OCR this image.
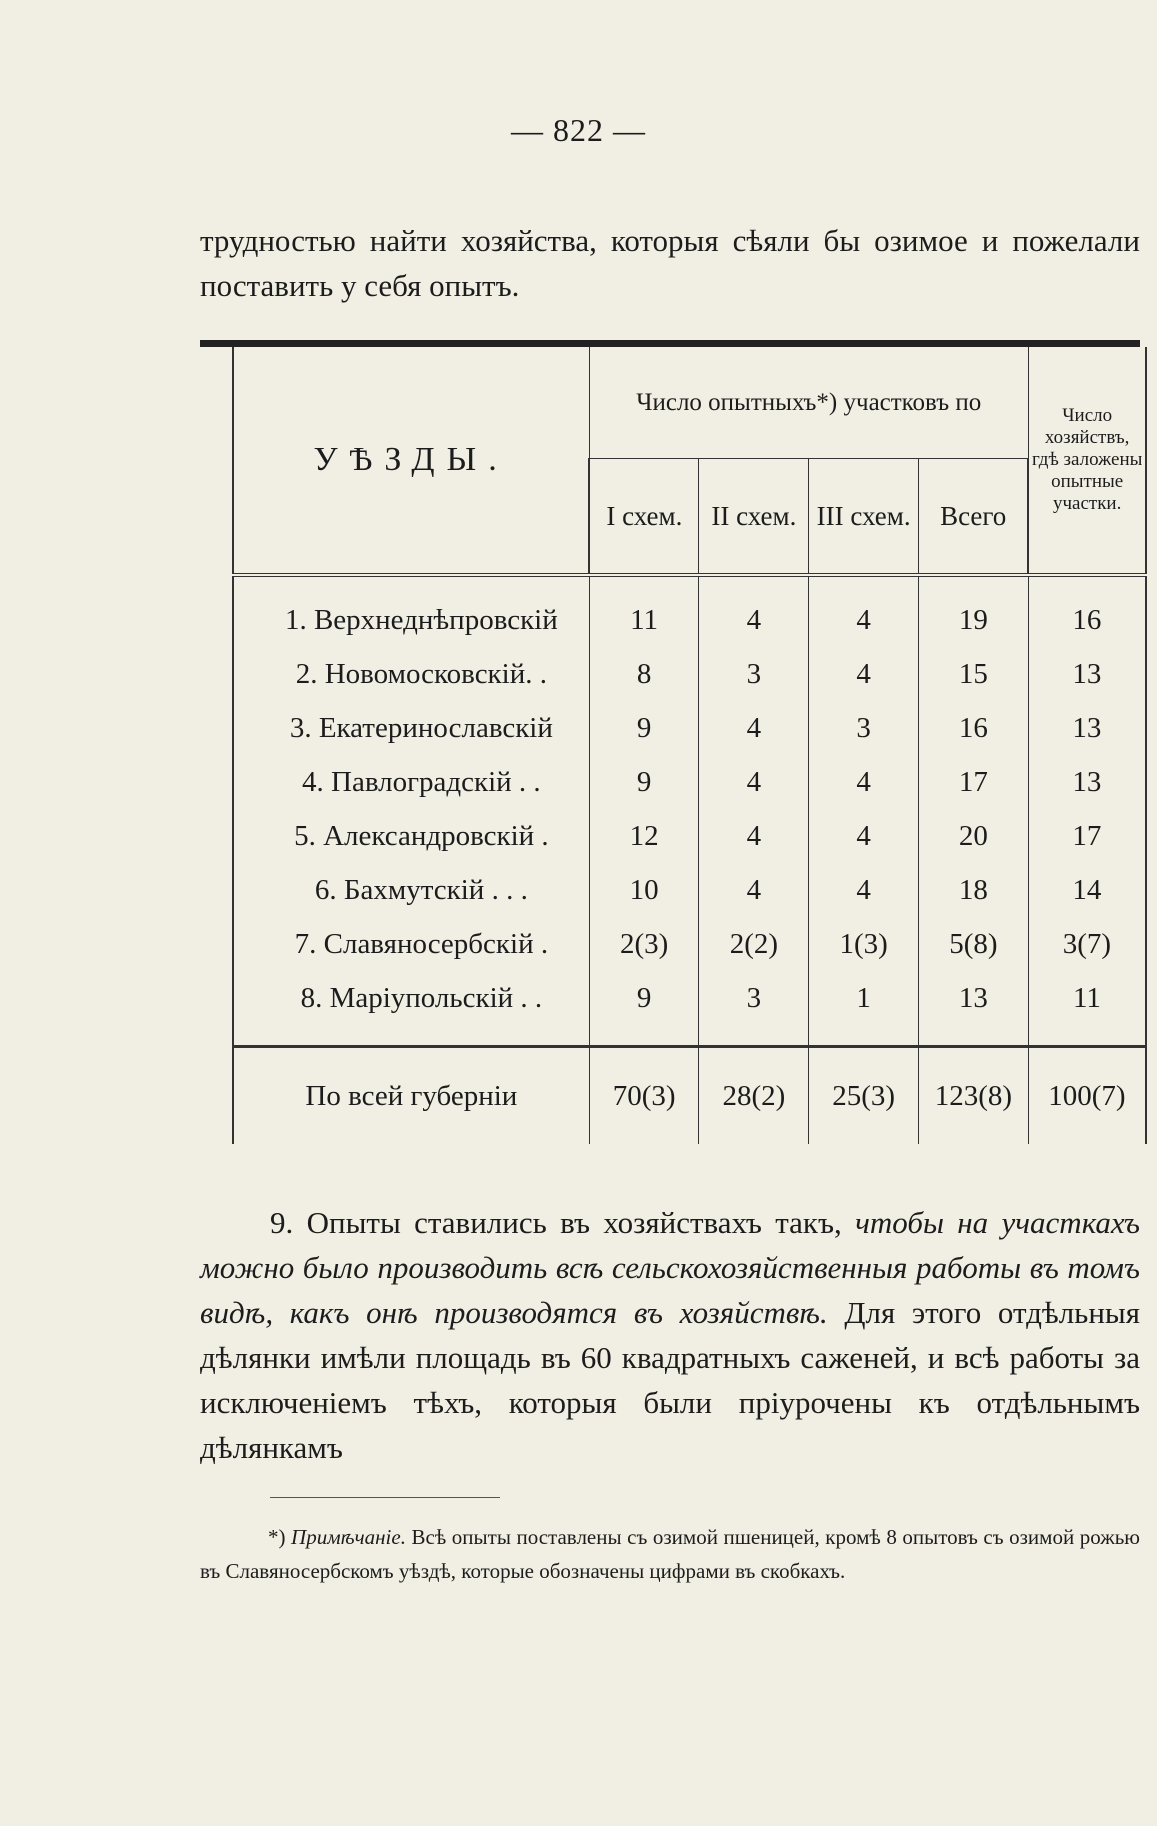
— 822 —
трудностью найти хозяйства, которыя сѣяли бы озимое и пожелали поставить у себя опытъ.
УѢЗДЫ.	Число опытныхъ*) участковъ по				Число хозяйствъ, гдѣ заложены опытные участки.
	I схем.	II схем.	III схем.	Всего	
1. Верхнеднѣпровскій	11	4	4	19	16
2. Новомосковскій. .	8	3	4	15	13
3. Екатеринославскій	9	4	3	16	13
4. Павлоградскій . .	9	4	4	17	13
5. Александровскій .	12	4	4	20	17
6. Бахмутскій . . .	10	4	4	18	14
7. Славяносербскій .	2(3)	2(2)	1(3)	5(8)	3(7)
8. Маріупольскій . .	9	3	1	13	11
По всей губерніи	70(3)	28(2)	25(3)	123(8)	100(7)
9. Опыты ставились въ хозяйствахъ такъ, чтобы на участкахъ можно было производить всѣ сельскохозяйственныя работы въ томъ видѣ, какъ онѣ производятся въ хозяйствѣ. Для этого отдѣльныя дѣлянки имѣли площадь въ 60 квадратныхъ саженей, и всѣ работы за исключеніемъ тѣхъ, которыя были пріурочены къ отдѣльнымъ дѣлянкамъ
*) Примѣчаніе. Всѣ опыты поставлены съ озимой пшеницей, кромѣ 8 опытовъ съ озимой рожью въ Славяносербскомъ уѣздѣ, которые обозначены цифрами въ скобкахъ.
